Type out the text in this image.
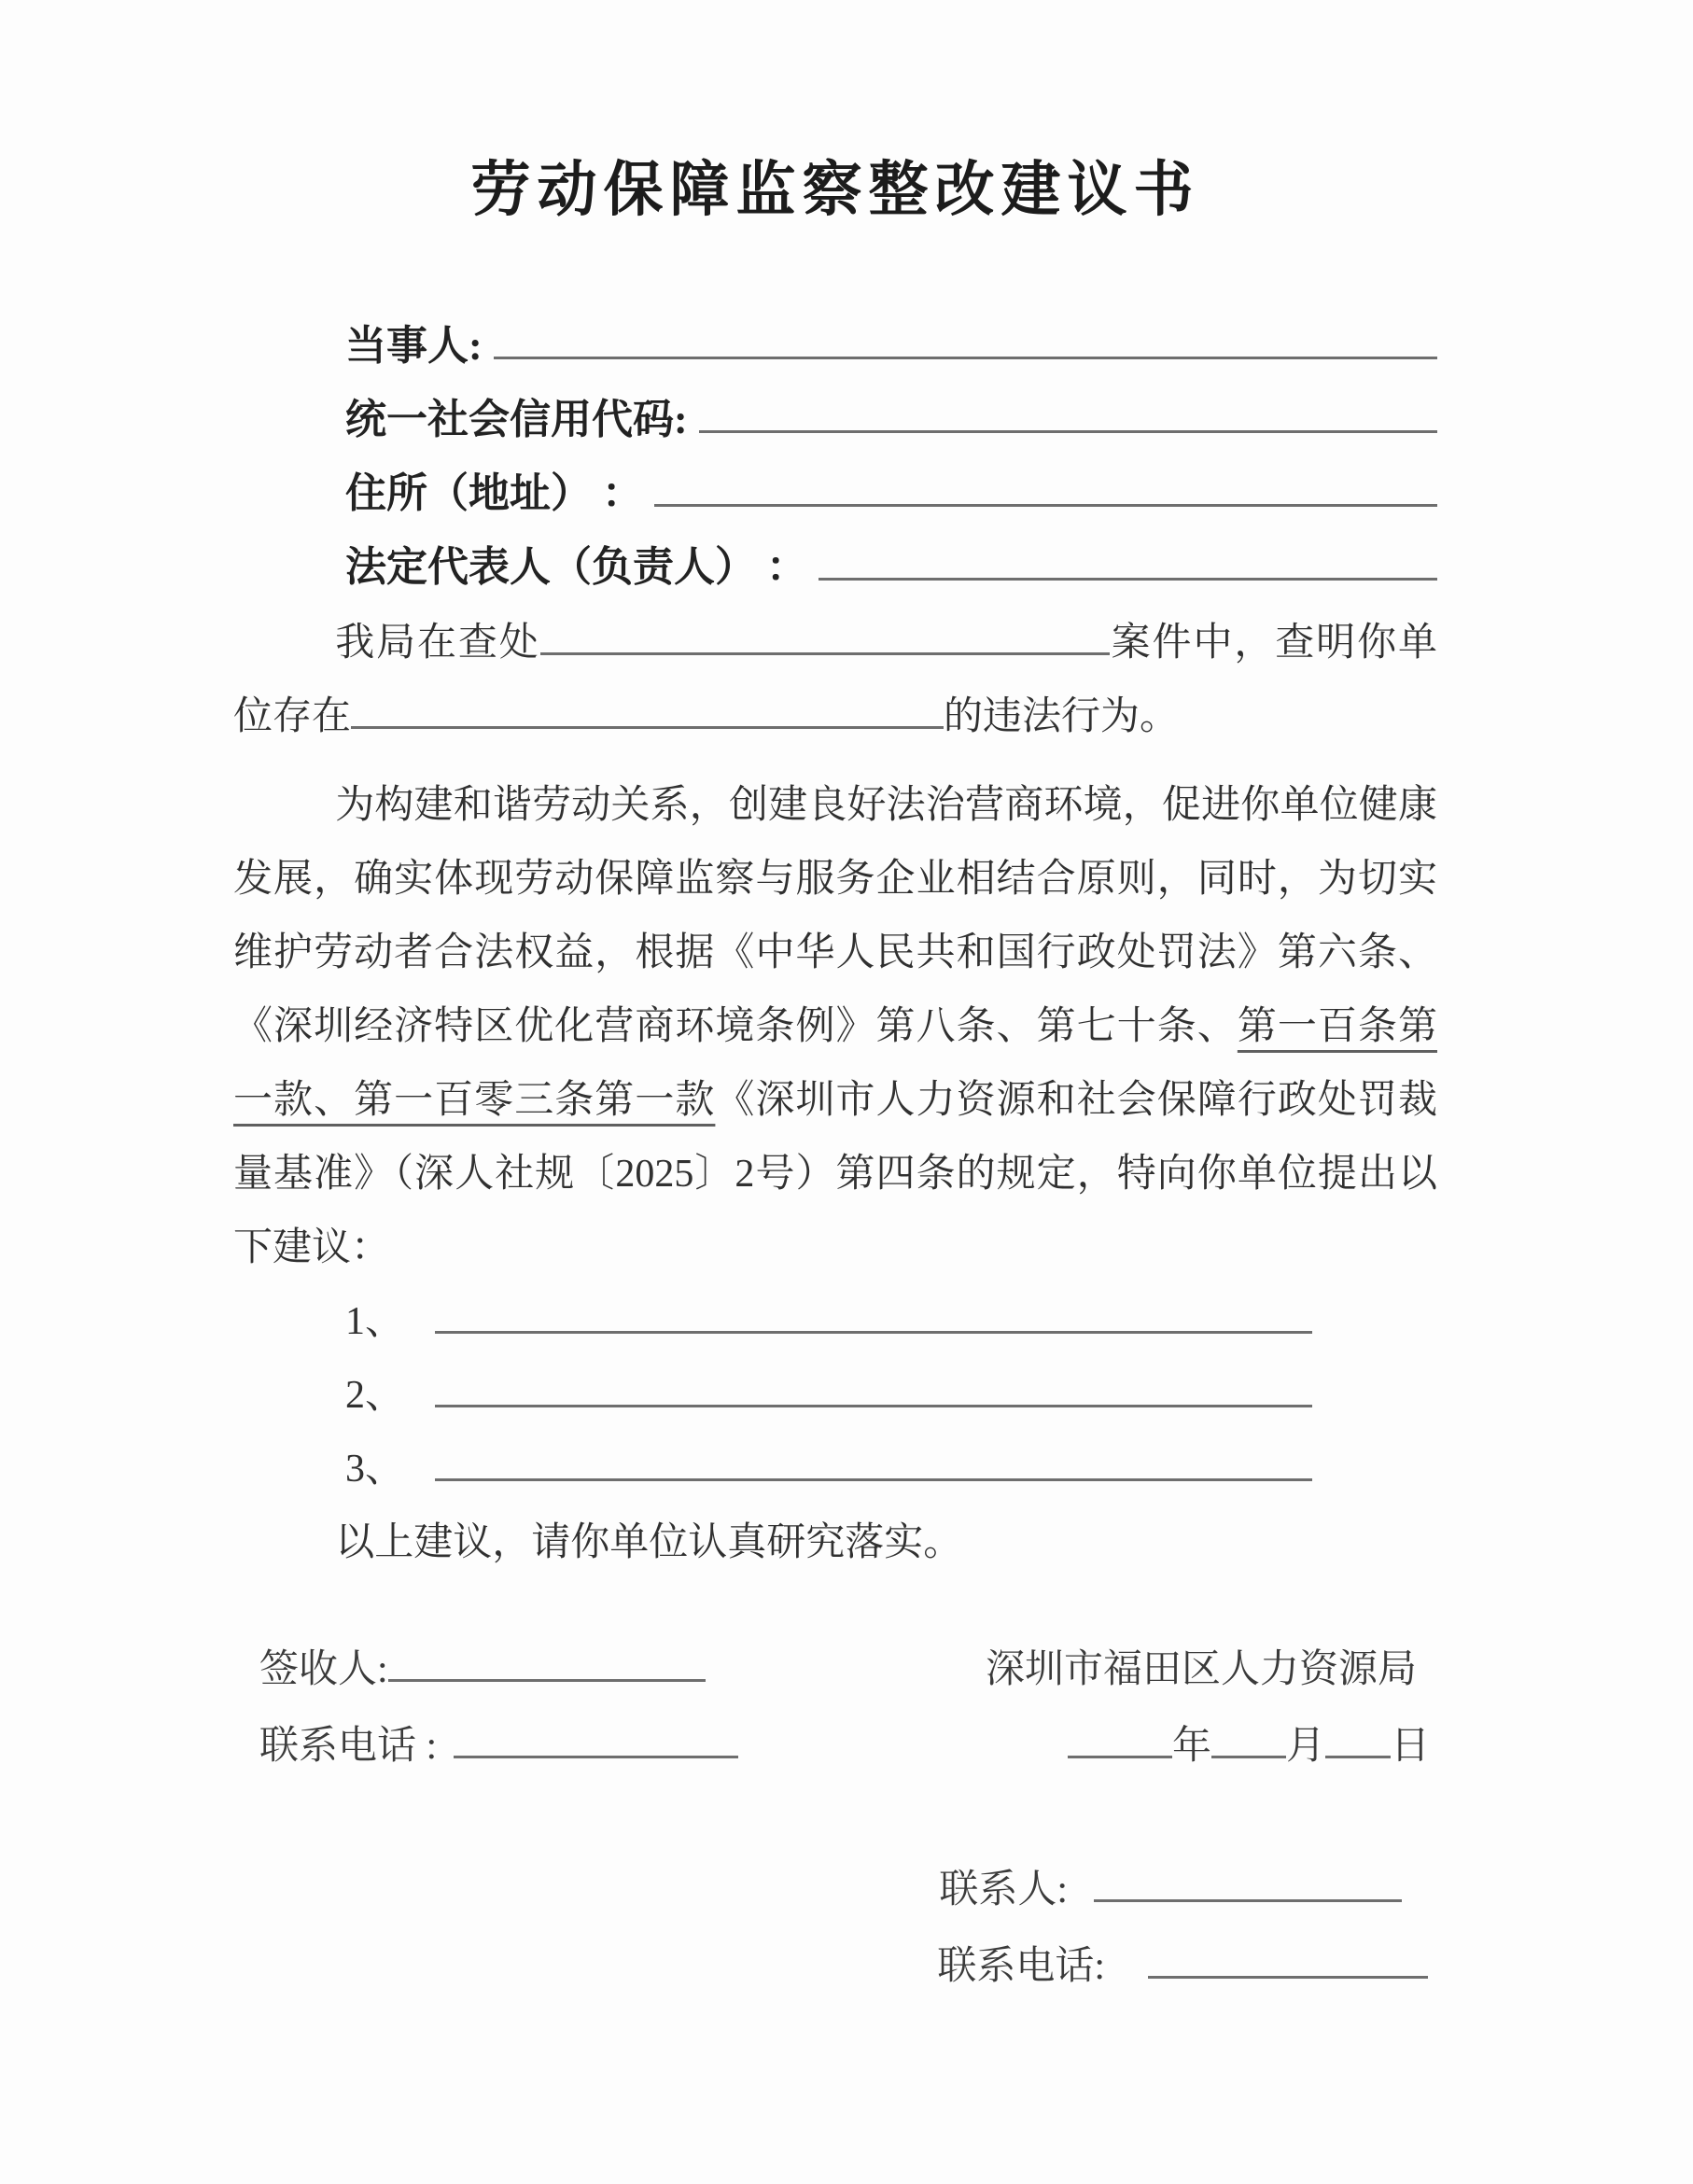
劳动保障监察整改建议书
当事人:
统一社会信用代码:
住所（地址） ：
法定代表人（负责人） ：
我局在查处	案件中，查明你单位存在	的违法行为。
为构建和谐劳动关系，创建良好法治营商环境，促进你单位健康发展，确实体现劳动保障监察与服务企业相结合原则，同时，为切实维护劳动者合法权益，根据《中华人民共和国行政处罚法》第六条、《深圳经济特区优化营商环境条例》第八条、第七十条、第一百条第一款、第一百零三条第一款《深圳市人力资源和社会保障行政处罚裁量基准》（深人社规〔2025〕2号）第四条的规定，特向你单位提出以下建议：
1、
2、
3、
以上建议，请你单位认真研究落实。
签收人:	深圳市福田区人力资源局
联系电话 :	年 月 日
联系人:
联系电话:
